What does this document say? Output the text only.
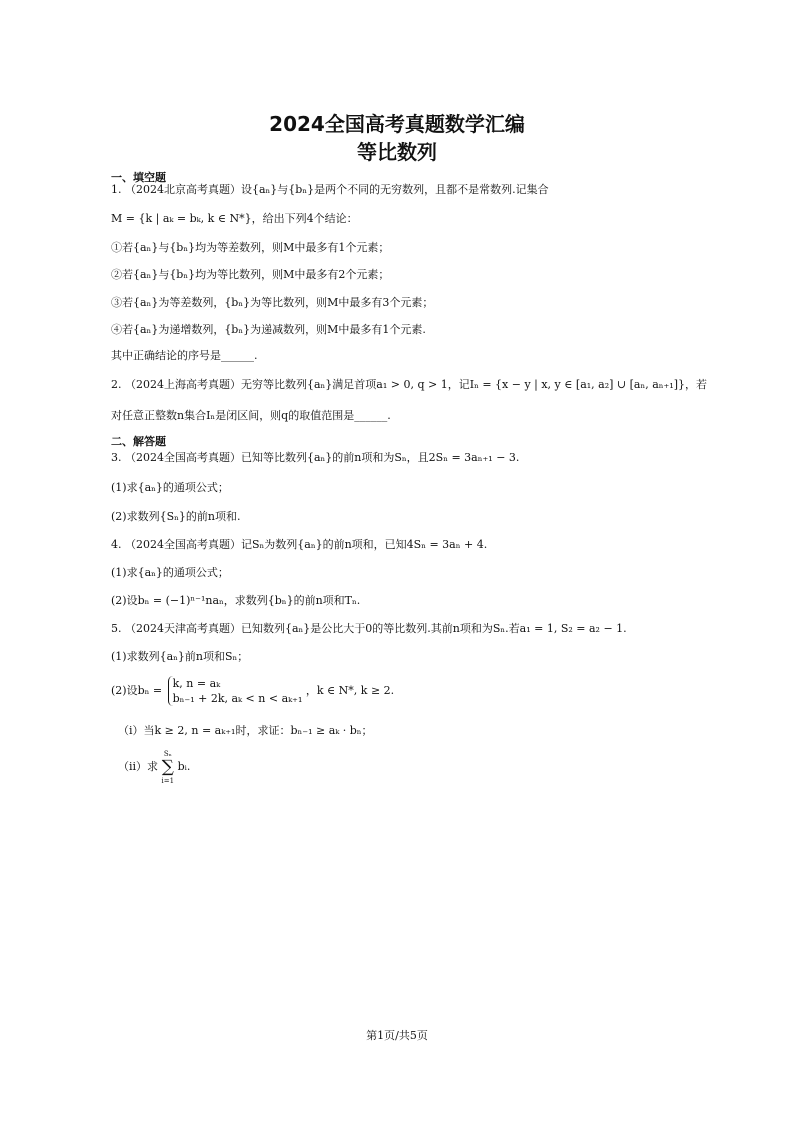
2024全国高考真题数学汇编
等比数列
一、填空题
1. （2024北京高考真题）设{aₙ}与{bₙ}是两个不同的无穷数列，且都不是常数列.记集合
M = {k | aₖ = bₖ, k ∈ N*}，给出下列4个结论：
①若{aₙ}与{bₙ}均为等差数列，则M中最多有1个元素；
②若{aₙ}与{bₙ}均为等比数列，则M中最多有2个元素；
③若{aₙ}为等差数列，{bₙ}为等比数列，则M中最多有3个元素；
④若{aₙ}为递增数列，{bₙ}为递减数列，则M中最多有1个元素.
其中正确结论的序号是______.
2. （2024上海高考真题）无穷等比数列{aₙ}满足首项a₁ > 0, q > 1，记Iₙ = {x − y | x, y ∈ [a₁, a₂] ∪ [aₙ, aₙ₊₁]}，若
对任意正整数n集合Iₙ是闭区间，则q的取值范围是______.
二、解答题
3. （2024全国高考真题）已知等比数列{aₙ}的前n项和为Sₙ，且2Sₙ = 3aₙ₊₁ − 3.
(1)求{aₙ}的通项公式；
(2)求数列{Sₙ}的前n项和.
4. （2024全国高考真题）记Sₙ为数列{aₙ}的前n项和，已知4Sₙ = 3aₙ + 4.
(1)求{aₙ}的通项公式；
(2)设bₙ = (−1)ⁿ⁻¹naₙ，求数列{bₙ}的前n项和Tₙ.
5. （2024天津高考真题）已知数列{aₙ}是公比大于0的等比数列.其前n项和为Sₙ.若a₁ = 1, S₂ = a₂ − 1.
(1)求数列{aₙ}前n项和Sₙ；
(2)设bₙ = k, n = aₖ
bₙ₋₁ + 2k, aₖ < n < aₖ₊₁ ，k ∈ N*, k ≥ 2.
（ⅰ）当k ≥ 2, n = aₖ₊₁时，求证：bₙ₋₁ ≥ aₖ · bₙ；
（ⅱ）求 Sₙ
∑
i=1 bᵢ.
第1页/共5页
